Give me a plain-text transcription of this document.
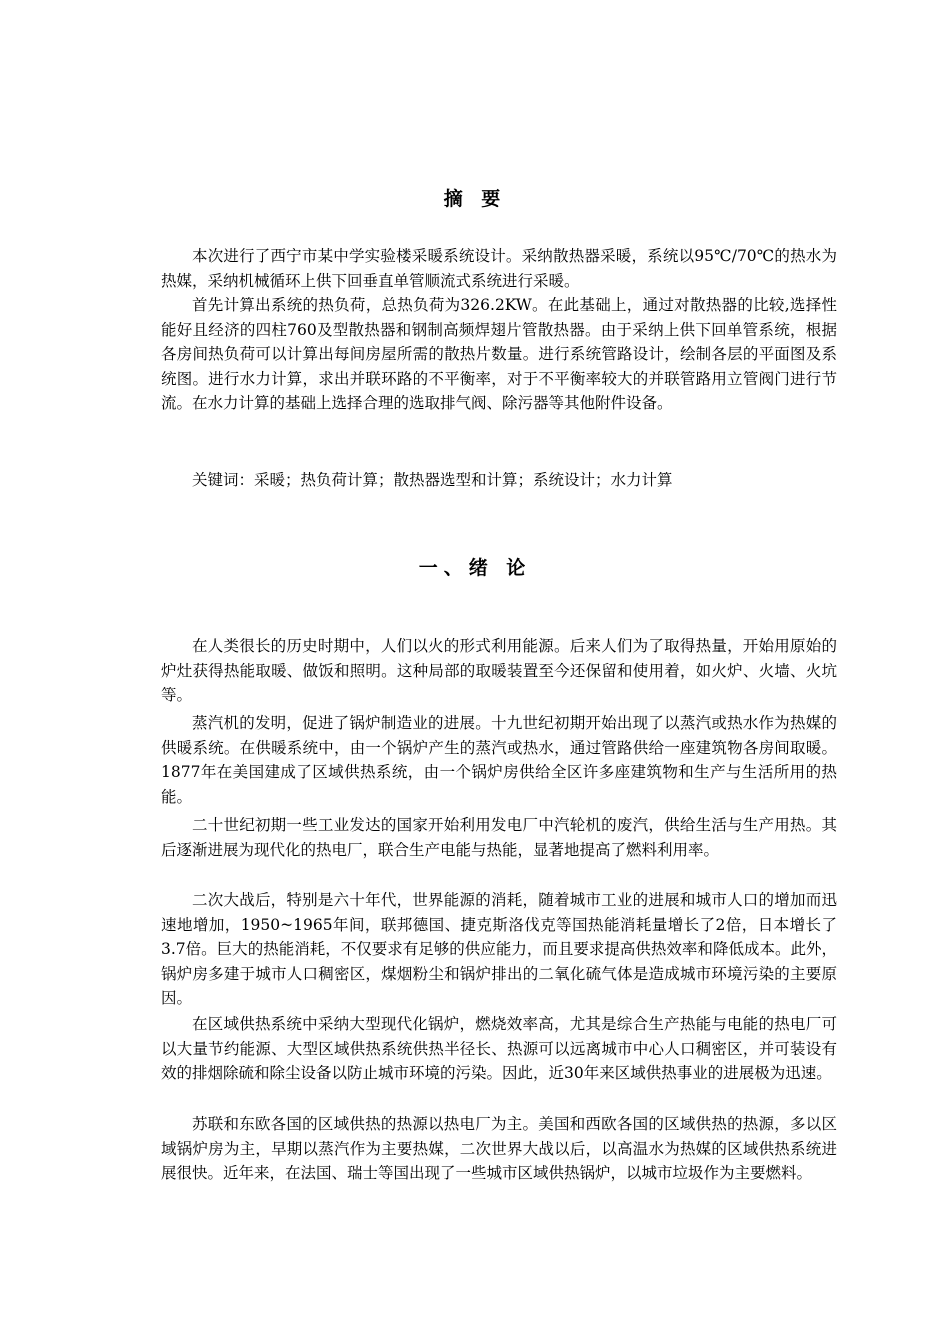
摘 要

本次进行了西宁市某中学实验楼采暖系统设计。采纳散热器采暖，系统以95℃/70℃的热水为热媒，采纳机械循环上供下回垂直单管顺流式系统进行采暖。

首先计算出系统的热负荷，总热负荷为326.2KW。在此基础上，通过对散热器的比较,选择性能好且经济的四柱760及型散热器和钢制高频焊翅片管散热器。由于采纳上供下回单管系统，根据各房间热负荷可以计算出每间房屋所需的散热片数量。进行系统管路设计，绘制各层的平面图及系统图。进行水力计算，求出并联环路的不平衡率，对于不平衡率较大的并联管路用立管阀门进行节流。在水力计算的基础上选择合理的选取排气阀、除污器等其他附件设备。

关键词：采暖；热负荷计算；散热器选型和计算；系统设计；水力计算

一、绪 论

在人类很长的历史时期中，人们以火的形式利用能源。后来人们为了取得热量，开始用原始的炉灶获得热能取暖、做饭和照明。这种局部的取暖装置至今还保留和使用着，如火炉、火墙、火坑等。

蒸汽机的发明，促进了锅炉制造业的进展。十九世纪初期开始出现了以蒸汽或热水作为热媒的供暖系统。在供暖系统中，由一个锅炉产生的蒸汽或热水，通过管路供给一座建筑物各房间取暖。1877年在美国建成了区域供热系统，由一个锅炉房供给全区许多座建筑物和生产与生活所用的热能。

二十世纪初期一些工业发达的国家开始利用发电厂中汽轮机的废汽，供给生活与生产用热。其后逐渐进展为现代化的热电厂，联合生产电能与热能，显著地提高了燃料利用率。

二次大战后，特别是六十年代，世界能源的消耗，随着城市工业的进展和城市人口的增加而迅速地增加，1950~1965年间，联邦德国、捷克斯洛伐克等国热能消耗量增长了2倍，日本增长了3.7倍。巨大的热能消耗，不仅要求有足够的供应能力，而且要求提高供热效率和降低成本。此外，锅炉房多建于城市人口稠密区，煤烟粉尘和锅炉排出的二氧化硫气体是造成城市环境污染的主要原因。

在区域供热系统中采纳大型现代化锅炉，燃烧效率高，尤其是综合生产热能与电能的热电厂可以大量节约能源、大型区域供热系统供热半径长、热源可以远离城市中心人口稠密区，并可装设有效的排烟除硫和除尘设备以防止城市环境的污染。因此，近30年来区域供热事业的进展极为迅速。

苏联和东欧各国的区域供热的热源以热电厂为主。美国和西欧各国的区域供热的热源，多以区域锅炉房为主，早期以蒸汽作为主要热媒，二次世界大战以后，以高温水为热媒的区域供热系统进展很快。近年来，在法国、瑞士等国出现了一些城市区域供热锅炉，以城市垃圾作为主要燃料。
